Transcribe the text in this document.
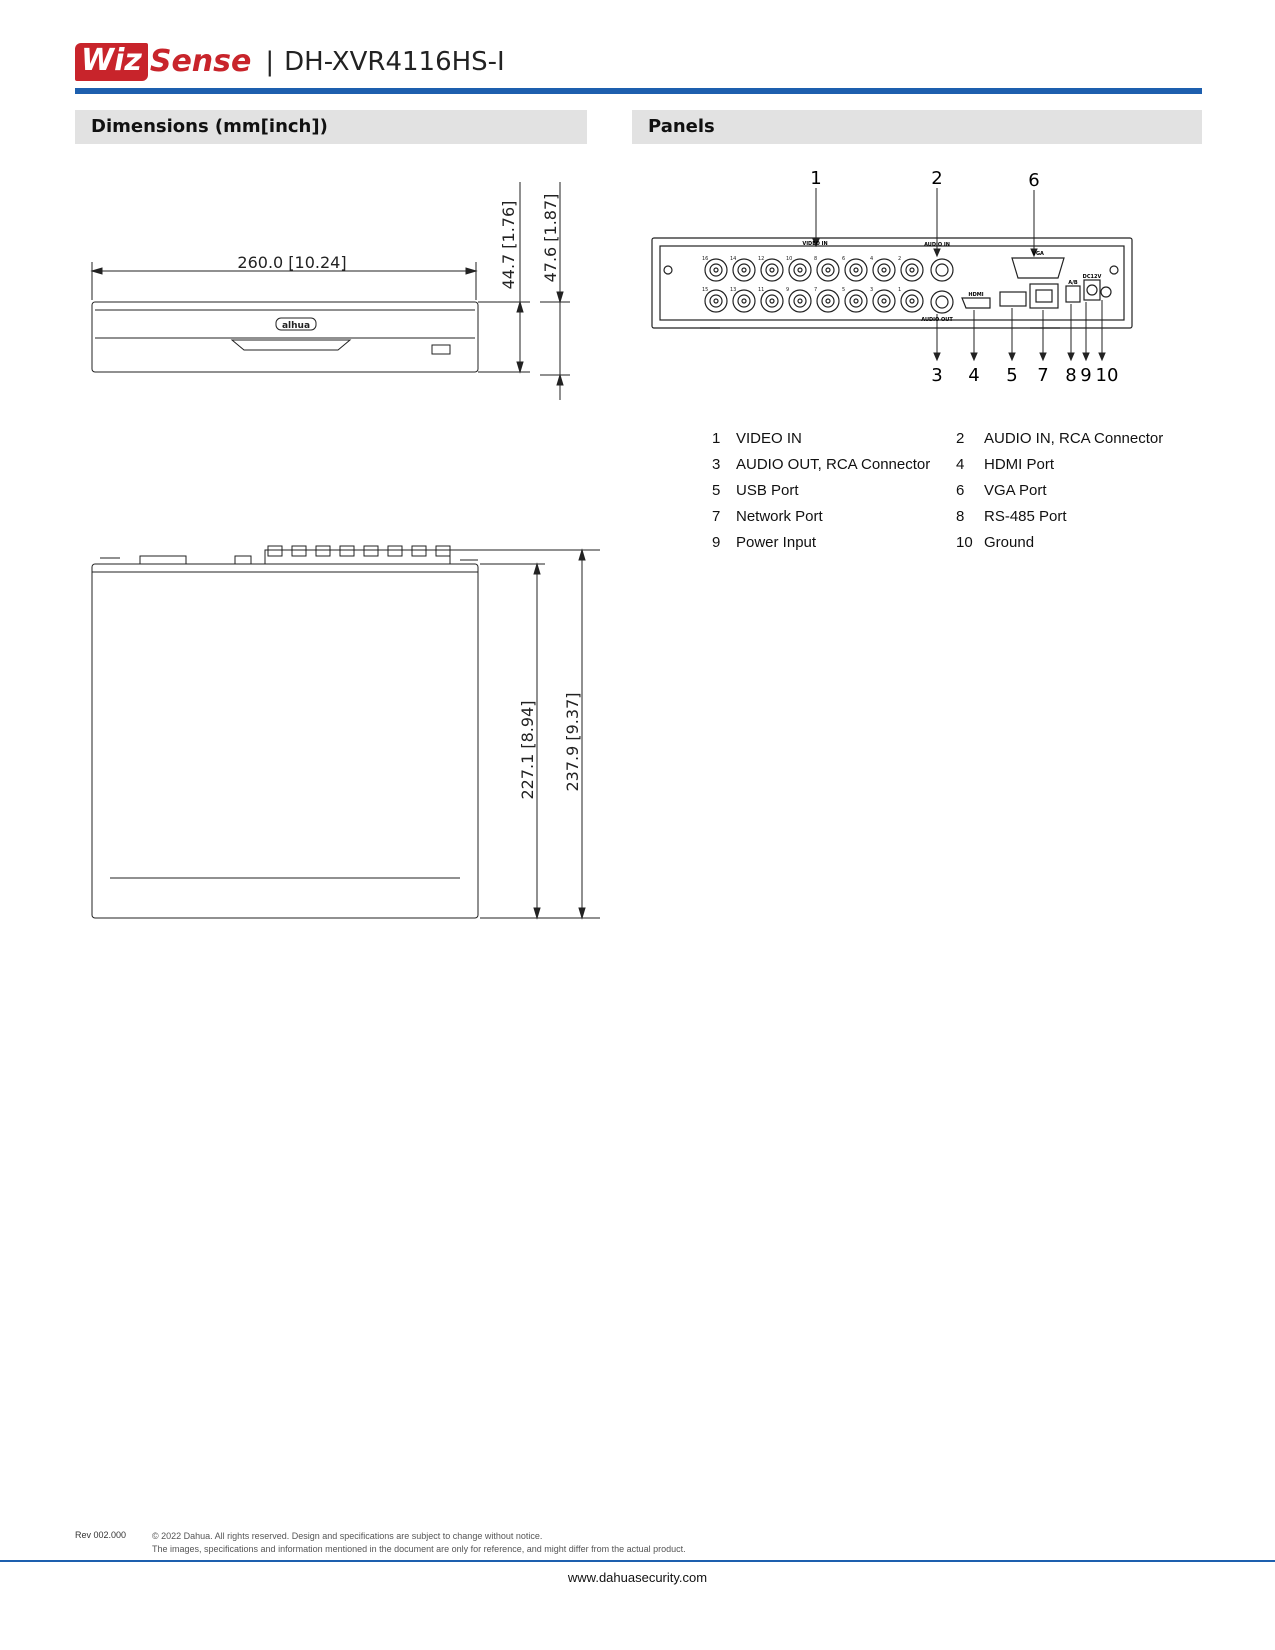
Wiz Sense | DH-XVR4116HS-I
Dimensions (mm[inch])	Panels
260.0 [10.24]	44.7 [1.76] 47.6 [1.87]
227.1 [8.94] 237.9 [9.37]
alhua
16	14	12	10	8	6	4	2
15	13	11	9	7	5	3	1
1	2	6
3 4 5 7 8 9 10
VIDEO IN	AUDIO IN
AUDIO OUT
VGA
HDMI
A/B
DC12V
1	VIDEO IN	2	AUDIO IN, RCA Connector
3	AUDIO OUT, RCA Connector	4	HDMI Port
5	USB Port	6	VGA Port
7	Network Port	8	RS-485 Port
9	Power Input	10 Ground
Rev 002.000	© 2022 Dahua. All rights reserved. Design and specifications are subject to change without notice.
The images, specifications and information mentioned in the document are only for reference, and might differ from the actual product.
www.dahuasecurity.com
